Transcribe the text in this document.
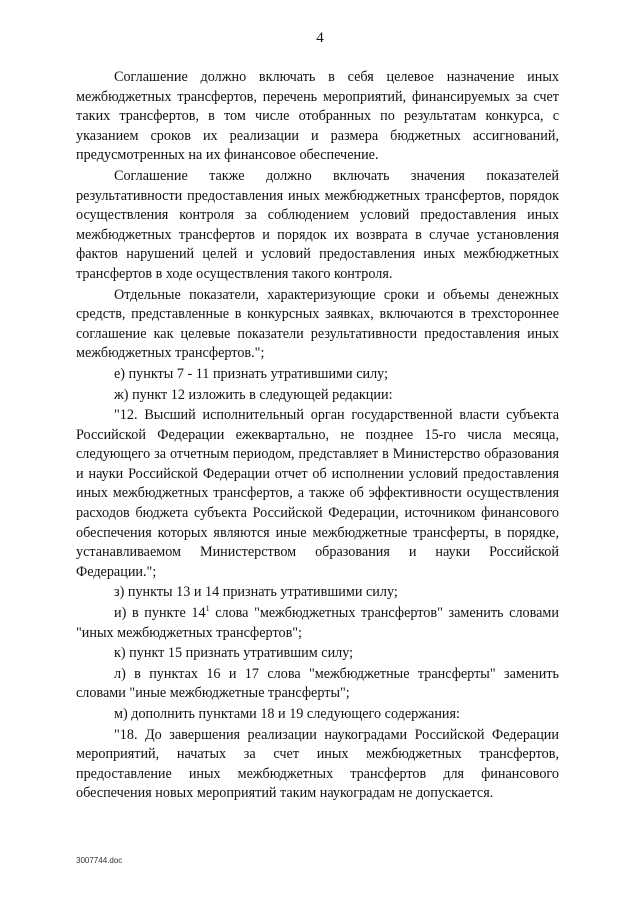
4

Соглашение должно включать в себя целевое назначение иных межбюджетных трансфертов, перечень мероприятий, финансируемых за счет таких трансфертов, в том числе отобранных по результатам конкурса, с указанием сроков их реализации и размера бюджетных ассигнований, предусмотренных на их финансовое обеспечение.

Соглашение также должно включать значения показателей результативности предоставления иных межбюджетных трансфертов, порядок осуществления контроля за соблюдением условий предоставления иных межбюджетных трансфертов и порядок их возврата в случае установления фактов нарушений целей и условий предоставления иных межбюджетных трансфертов в ходе осуществления такого контроля.

Отдельные показатели, характеризующие сроки и объемы денежных средств, представленные в конкурсных заявках, включаются в трехстороннее соглашение как целевые показатели результативности предоставления иных межбюджетных трансфертов.";

е) пункты 7 - 11 признать утратившими силу;

ж) пункт 12 изложить в следующей редакции:

"12. Высший исполнительный орган государственной власти субъекта Российской Федерации ежеквартально, не позднее 15-го числа месяца, следующего за отчетным периодом, представляет в Министерство образования и науки Российской Федерации отчет об исполнении условий предоставления иных межбюджетных трансфертов, а также об эффективности осуществления расходов бюджета субъекта Российской Федерации, источником финансового обеспечения которых являются иные межбюджетные трансферты, в порядке, устанавливаемом Министерством образования и науки Российской Федерации.";

з) пункты 13 и 14 признать утратившими силу;

и) в пункте $14^1$ слова "межбюджетных трансфертов" заменить словами "иных межбюджетных трансфертов";

к) пункт 15 признать утратившим силу;

л) в пунктах 16 и 17 слова "межбюджетные трансферты" заменить словами "иные межбюджетные трансферты";

м) дополнить пунктами 18 и 19 следующего содержания:

"18. До завершения реализации наукоградами Российской Федерации мероприятий, начатых за счет иных межбюджетных трансфертов, предоставление иных межбюджетных трансфертов для финансового обеспечения новых мероприятий таким наукоградам не допускается.

3007744.doc
